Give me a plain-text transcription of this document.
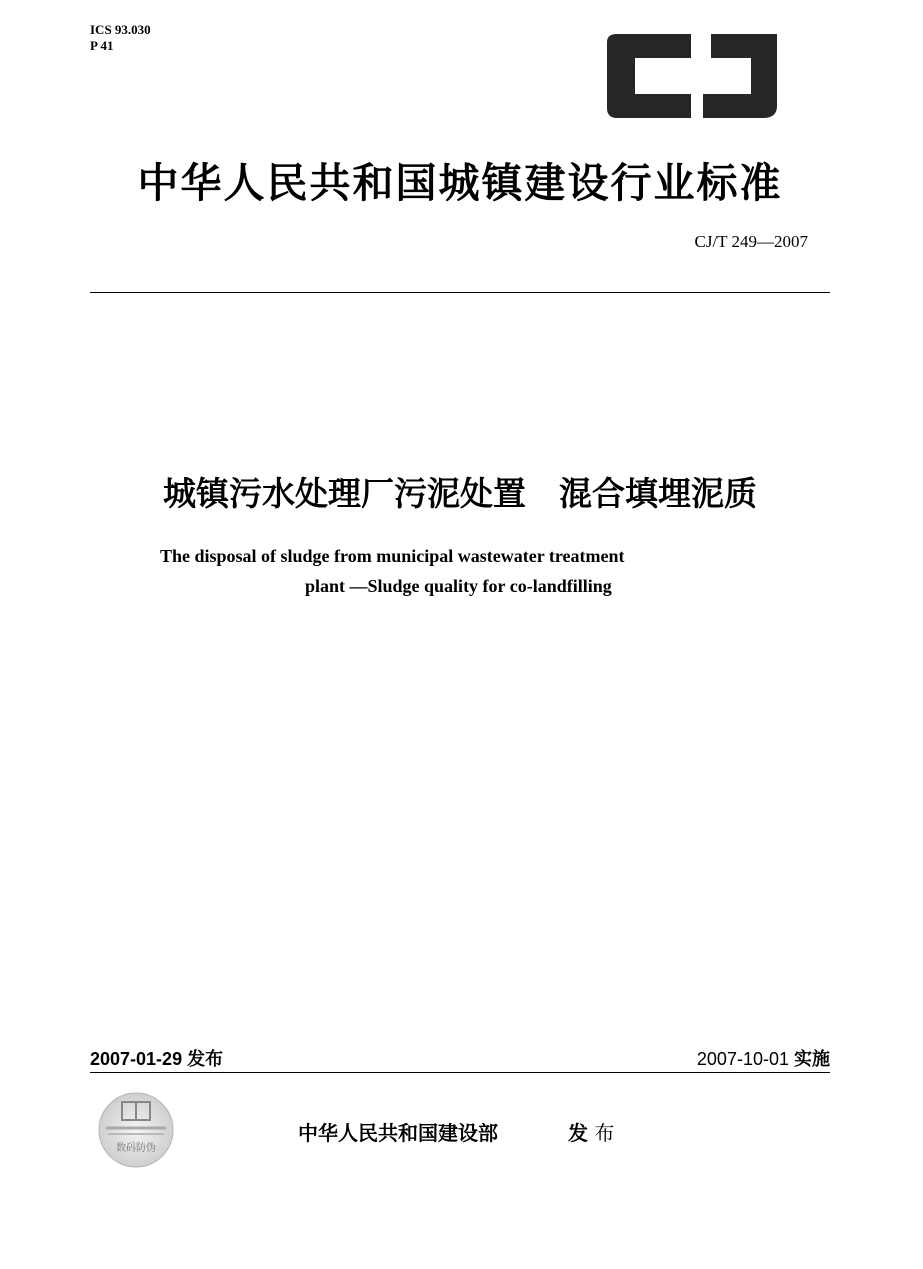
ICS 93.030
P 41
中华人民共和国城镇建设行业标准
CJ/T 249—2007
城镇污水处理厂污泥处置　混合填埋泥质
The disposal of sludge from municipal wastewater treatment
plant —Sludge quality for co-landfilling
2007-01-29 发布	2007-10-01 实施
数码防伪
中华人民共和国建设部	发 布
